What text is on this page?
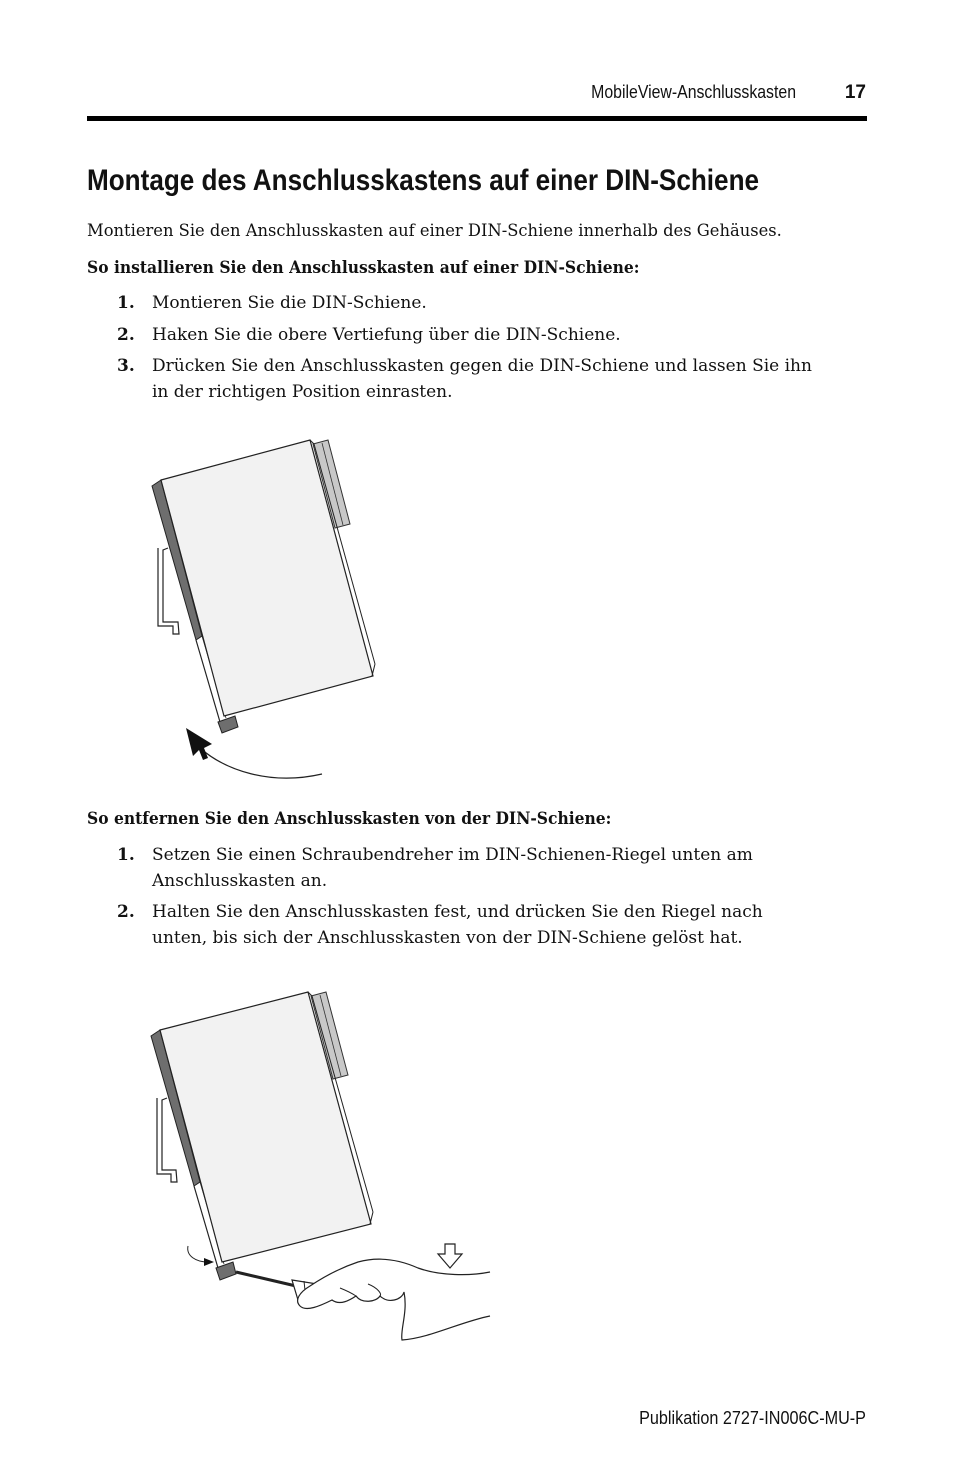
MobileView-Anschlusskasten	17
Montage des Anschlusskastens auf einer DIN-Schiene

Montieren Sie den Anschlusskasten auf einer DIN-Schiene innerhalb des Gehäuses.

So installieren Sie den Anschlusskasten auf einer DIN-Schiene:

1. Montieren Sie die DIN-Schiene.
2. Haken Sie die obere Vertiefung über die DIN-Schiene.
3. Drücken Sie den Anschlusskasten gegen die DIN-Schiene und lassen Sie ihn
in der richtigen Position einrasten.

So entfernen Sie den Anschlusskasten von der DIN-Schiene:

1. Setzen Sie einen Schraubendreher im DIN-Schienen-Riegel unten am
Anschlusskasten an.
2. Halten Sie den Anschlusskasten fest, und drücken Sie den Riegel nach
unten, bis sich der Anschlusskasten von der DIN-Schiene gelöst hat.
Publikation 2727-IN006C-MU-P
